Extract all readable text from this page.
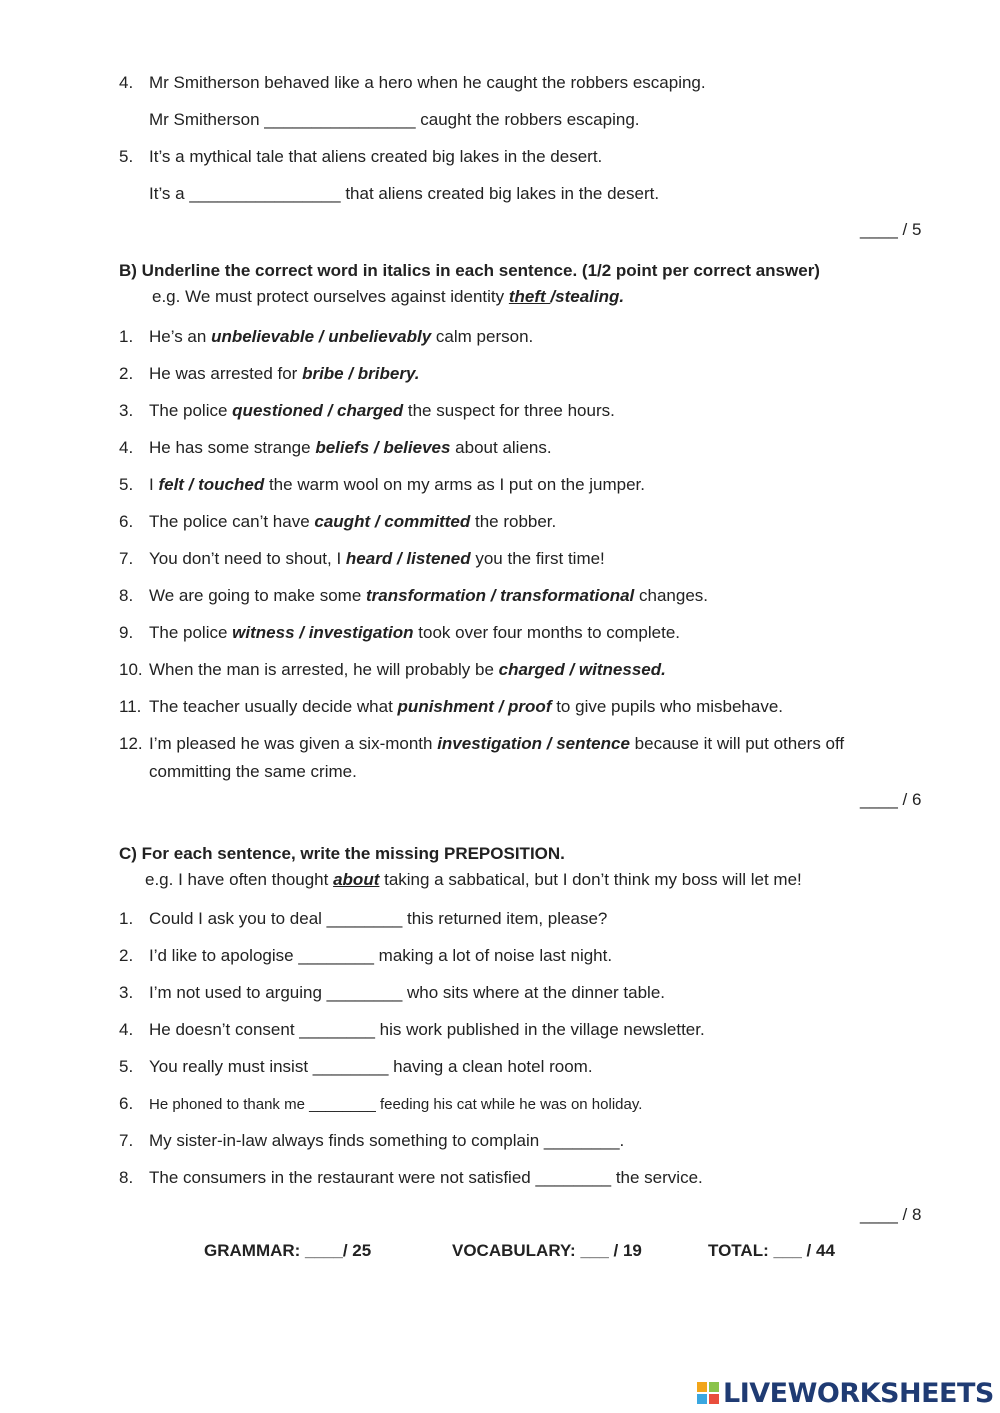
4. Mr Smitherson behaved like a hero when he caught the robbers escaping.
Mr Smitherson ________________ caught the robbers escaping.
5. It’s a mythical tale that aliens created big lakes in the desert.
It’s a ________________ that aliens created big lakes in the desert.
____ / 5
B) Underline the correct word in italics in each sentence. (1/2 point per correct answer)
e.g. We must protect ourselves against identity theft /stealing.
1. He’s an unbelievable / unbelievably calm person.
2. He was arrested for bribe / bribery.
3. The police questioned / charged the suspect for three hours.
4. He has some strange beliefs / believes about aliens.
5. I felt / touched the warm wool on my arms as I put on the jumper.
6. The police can’t have caught / committed the robber.
7. You don’t need to shout, I heard / listened you the first time!
8. We are going to make some transformation / transformational changes.
9. The police witness / investigation took over four months to complete.
10. When the man is arrested, he will probably be charged / witnessed.
11. The teacher usually decide what punishment / proof to give pupils who misbehave.
12. I’m pleased he was given a six-month investigation / sentence because it will put others off
committing the same crime.
____ / 6
C) For each sentence, write the missing PREPOSITION.
e.g. I have often thought about taking a sabbatical, but I don’t think my boss will let me!
1. Could I ask you to deal ________ this returned item, please?
2. I’d like to apologise ________ making a lot of noise last night.
3. I’m not used to arguing ________ who sits where at the dinner table.
4. He doesn’t consent ________ his work published in the village newsletter.
5. You really must insist ________ having a clean hotel room.
6. He phoned to thank me ________ feeding his cat while he was on holiday.
7. My sister-in-law always finds something to complain ________.
8. The consumers in the restaurant were not satisfied ________ the service.
____ / 8
GRAMMAR: ____/ 25	VOCABULARY: ___ / 19	TOTAL: ___ / 44
LIVEWORKSHEETS
